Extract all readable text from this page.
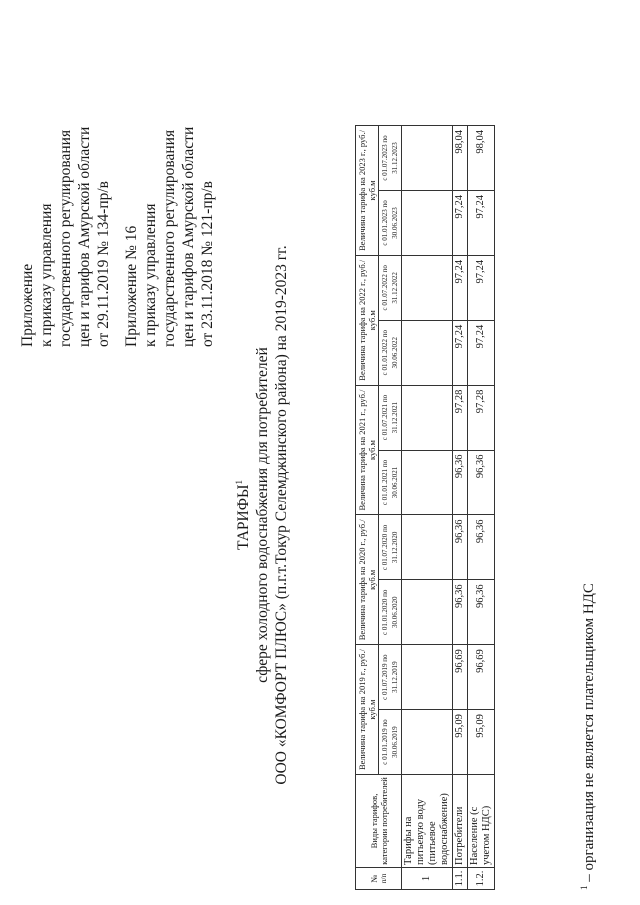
Приложение к приказу управления государственного регулирования цен и тарифов Амурской области от 29.11.2019 № 134-пр/в Приложение № 16 к приказу управления государственного регулирования цен и тарифов Амурской области от 23.11.2018 № 121-пр/в
ТАРИФЫ$^1$ сфере холодного водоснабжения для потребителей ООО «КОМФОРТ ПЛЮС» (п.г.т.Токур Селемджинского района) на 2019-2023 гг.
№ п/п	Виды тарифов, категории потребителей	Величина тарифа на 2019 г., руб./куб.м		Величина тарифа на 2020 г., руб./куб.м		Величина тарифа на 2021 г., руб./куб.м		Величина тарифа на 2022 г., руб./куб.м		Величина тарифа на 2023 г., руб./куб.м	
		с 01.01.2019 по 30.06.2019	с 01.07.2019 по 31.12.2019	с 01.01.2020 по 30.06.2020	с 01.07.2020 по 31.12.2020	с 01.01.2021 по 30.06.2021	с 01.07.2021 по 31.12.2021	с 01.01.2022 по 30.06.2022	с 01.07.2022 по 31.12.2022	с 01.01.2023 по 30.06.2023	с 01.07.2023 по 31.12.2023
1	Тарифы на питьевую воду (питьевое водоснабжение)										
1.1.	Потребители	95,09	96,69	96,36	96,36	96,36	97,28	97,24	97,24	97,24	98,04
1.2.	Население (с учетом НДС)	95,09	96,69	96,36	96,36	96,36	97,28	97,24	97,24	97,24	98,04
$^1$ – организация не является плательщиком НДС
